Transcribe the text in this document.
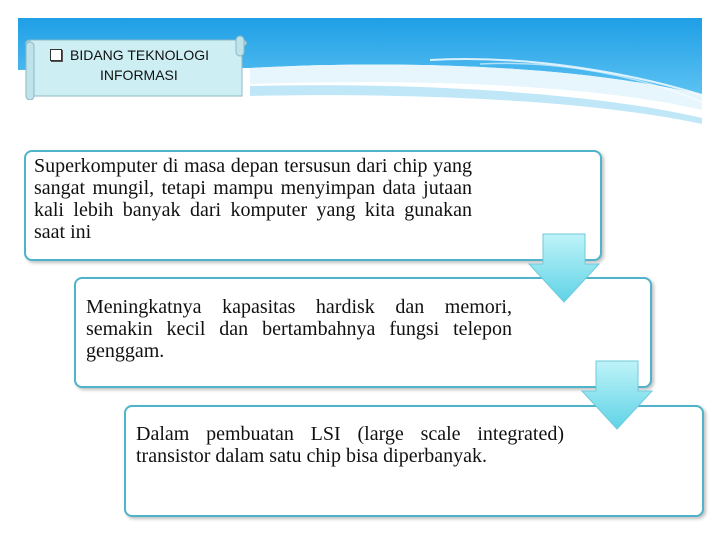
BIDANG TEKNOLOGI
INFORMASI
Superkomputer di masa depan tersusun dari chip yang sangat mungil, tetapi mampu menyimpan data jutaan kali lebih banyak dari komputer yang kita gunakan saat ini
Meningkatnya kapasitas hardisk dan memori, semakin kecil dan bertambahnya fungsi telepon genggam.
Dalam pembuatan LSI (large scale integrated) transistor dalam satu chip bisa diperbanyak.
